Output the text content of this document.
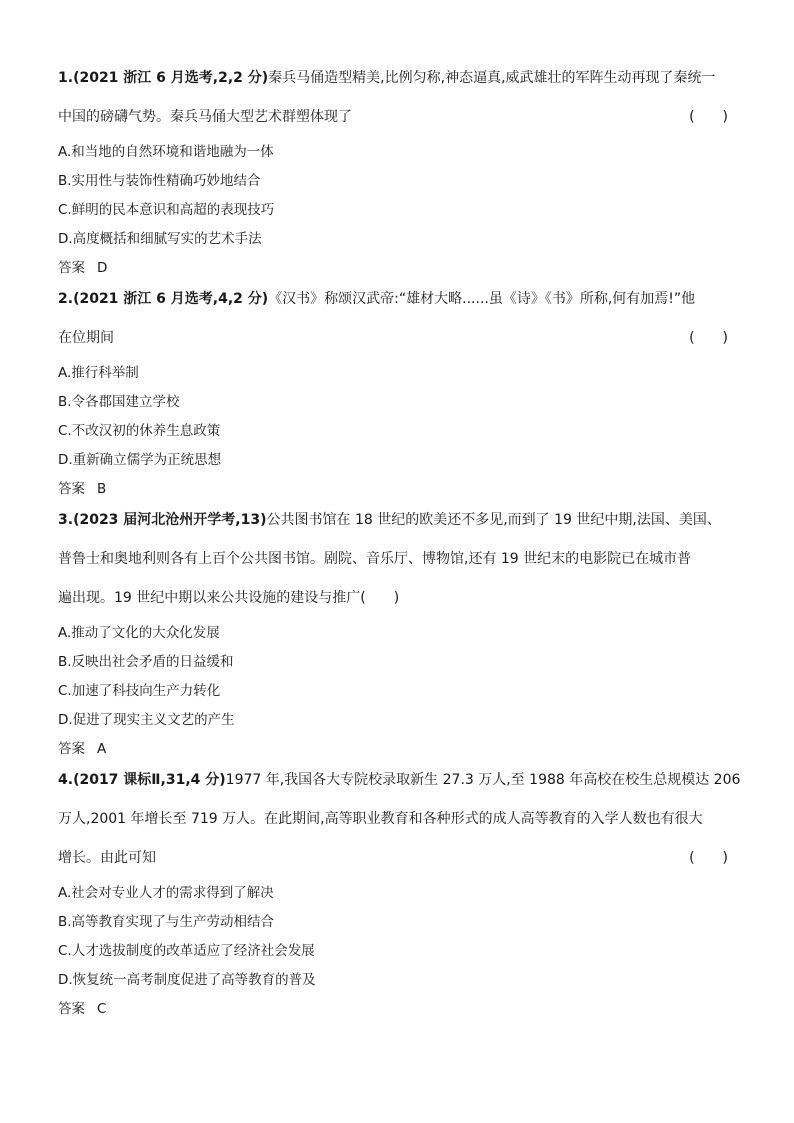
1.(2021 浙江 6 月选考,2,2 分)秦兵马俑造型精美,比例匀称,神态逼真,威武雄壮的军阵生动再现了秦统一
中国的磅礴气势。秦兵马俑大型艺术群塑体现了	(　　)
A.和当地的自然环境和谐地融为一体
B.实用性与装饰性精确巧妙地结合
C.鲜明的民本意识和高超的表现技巧
D.高度概括和细腻写实的艺术手法
答案 D
2.(2021 浙江 6 月选考,4,2 分)《汉书》称颂汉武帝:“雄材大略......虽《诗》《书》所称,何有加焉!”他
在位期间	(　　)
A.推行科举制
B.令各郡国建立学校
C.不改汉初的休养生息政策
D.重新确立儒学为正统思想
答案 B
3.(2023 届河北沧州开学考,13)公共图书馆在 18 世纪的欧美还不多见,而到了 19 世纪中期,法国、美国、
普鲁士和奥地利则各有上百个公共图书馆。剧院、音乐厅、博物馆,还有 19 世纪末的电影院已在城市普
遍出现。19 世纪中期以来公共设施的建设与推广(　　)
A.推动了文化的大众化发展
B.反映出社会矛盾的日益缓和
C.加速了科技向生产力转化
D.促进了现实主义文艺的产生
答案 A
4.(2017 课标Ⅱ,31,4 分)1977 年,我国各大专院校录取新生 27.3 万人,至 1988 年高校在校生总规模达 206
万人,2001 年增长至 719 万人。在此期间,高等职业教育和各种形式的成人高等教育的入学人数也有很大
增长。由此可知	(　　)
A.社会对专业人才的需求得到了解决
B.高等教育实现了与生产劳动相结合
C.人才选拔制度的改革适应了经济社会发展
D.恢复统一高考制度促进了高等教育的普及
答案 C
